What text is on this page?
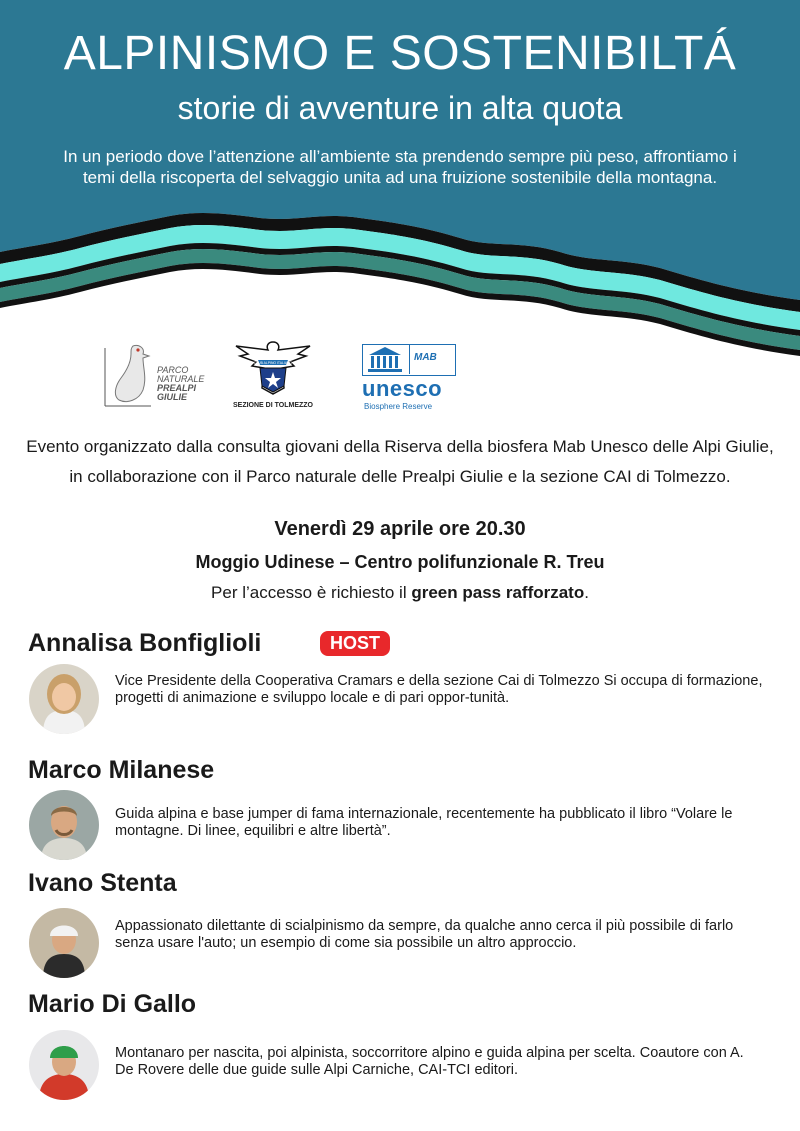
ALPINISMO E SOSTENIBILTÁ
storie di avventure in alta quota

In un periodo dove l’attenzione all’ambiente sta prendendo sempre più peso, affrontiamo i temi della riscoperta del selvaggio unita ad una fruizione sostenibile della montagna.

PARCO
NATURALE
PREALPI
GIULIE
CLUB ALPINO ITALIANO
SEZIONE DI TOLMEZZO
MAB
unesco
Biosphere Reserve

Evento organizzato dalla consulta giovani della Riserva della biosfera Mab Unesco delle Alpi Giulie, in collaborazione con il Parco naturale delle Prealpi Giulie e la sezione CAI di Tolmezzo.

Venerdì 29 aprile ore 20.30
Moggio Udinese – Centro polifunzionale R. Treu
Per l’accesso è richiesto il green pass rafforzato.
Annalisa Bonfiglioli	HOST

Vice Presidente della Cooperativa Cramars e della sezione Cai di Tolmezzo Si occupa di formazione, progetti di animazione e sviluppo locale e di pari oppor-tunità.

Marco Milanese

Guida alpina e base jumper di fama internazionale, recentemente ha pubblicato il libro “Volare le montagne. Di linee, equilibri e altre libertà”.

Ivano Stenta

Appassionato dilettante di scialpinismo da sempre, da qualche anno cerca il più possibile di farlo senza usare l'auto; un esempio di come sia possibile un altro approccio.

Mario Di Gallo

Montanaro per nascita, poi alpinista, soccorritore alpino e guida alpina per scelta. Coautore con A. De Rovere delle due guide sulle Alpi Carniche, CAI-TCI editori.
